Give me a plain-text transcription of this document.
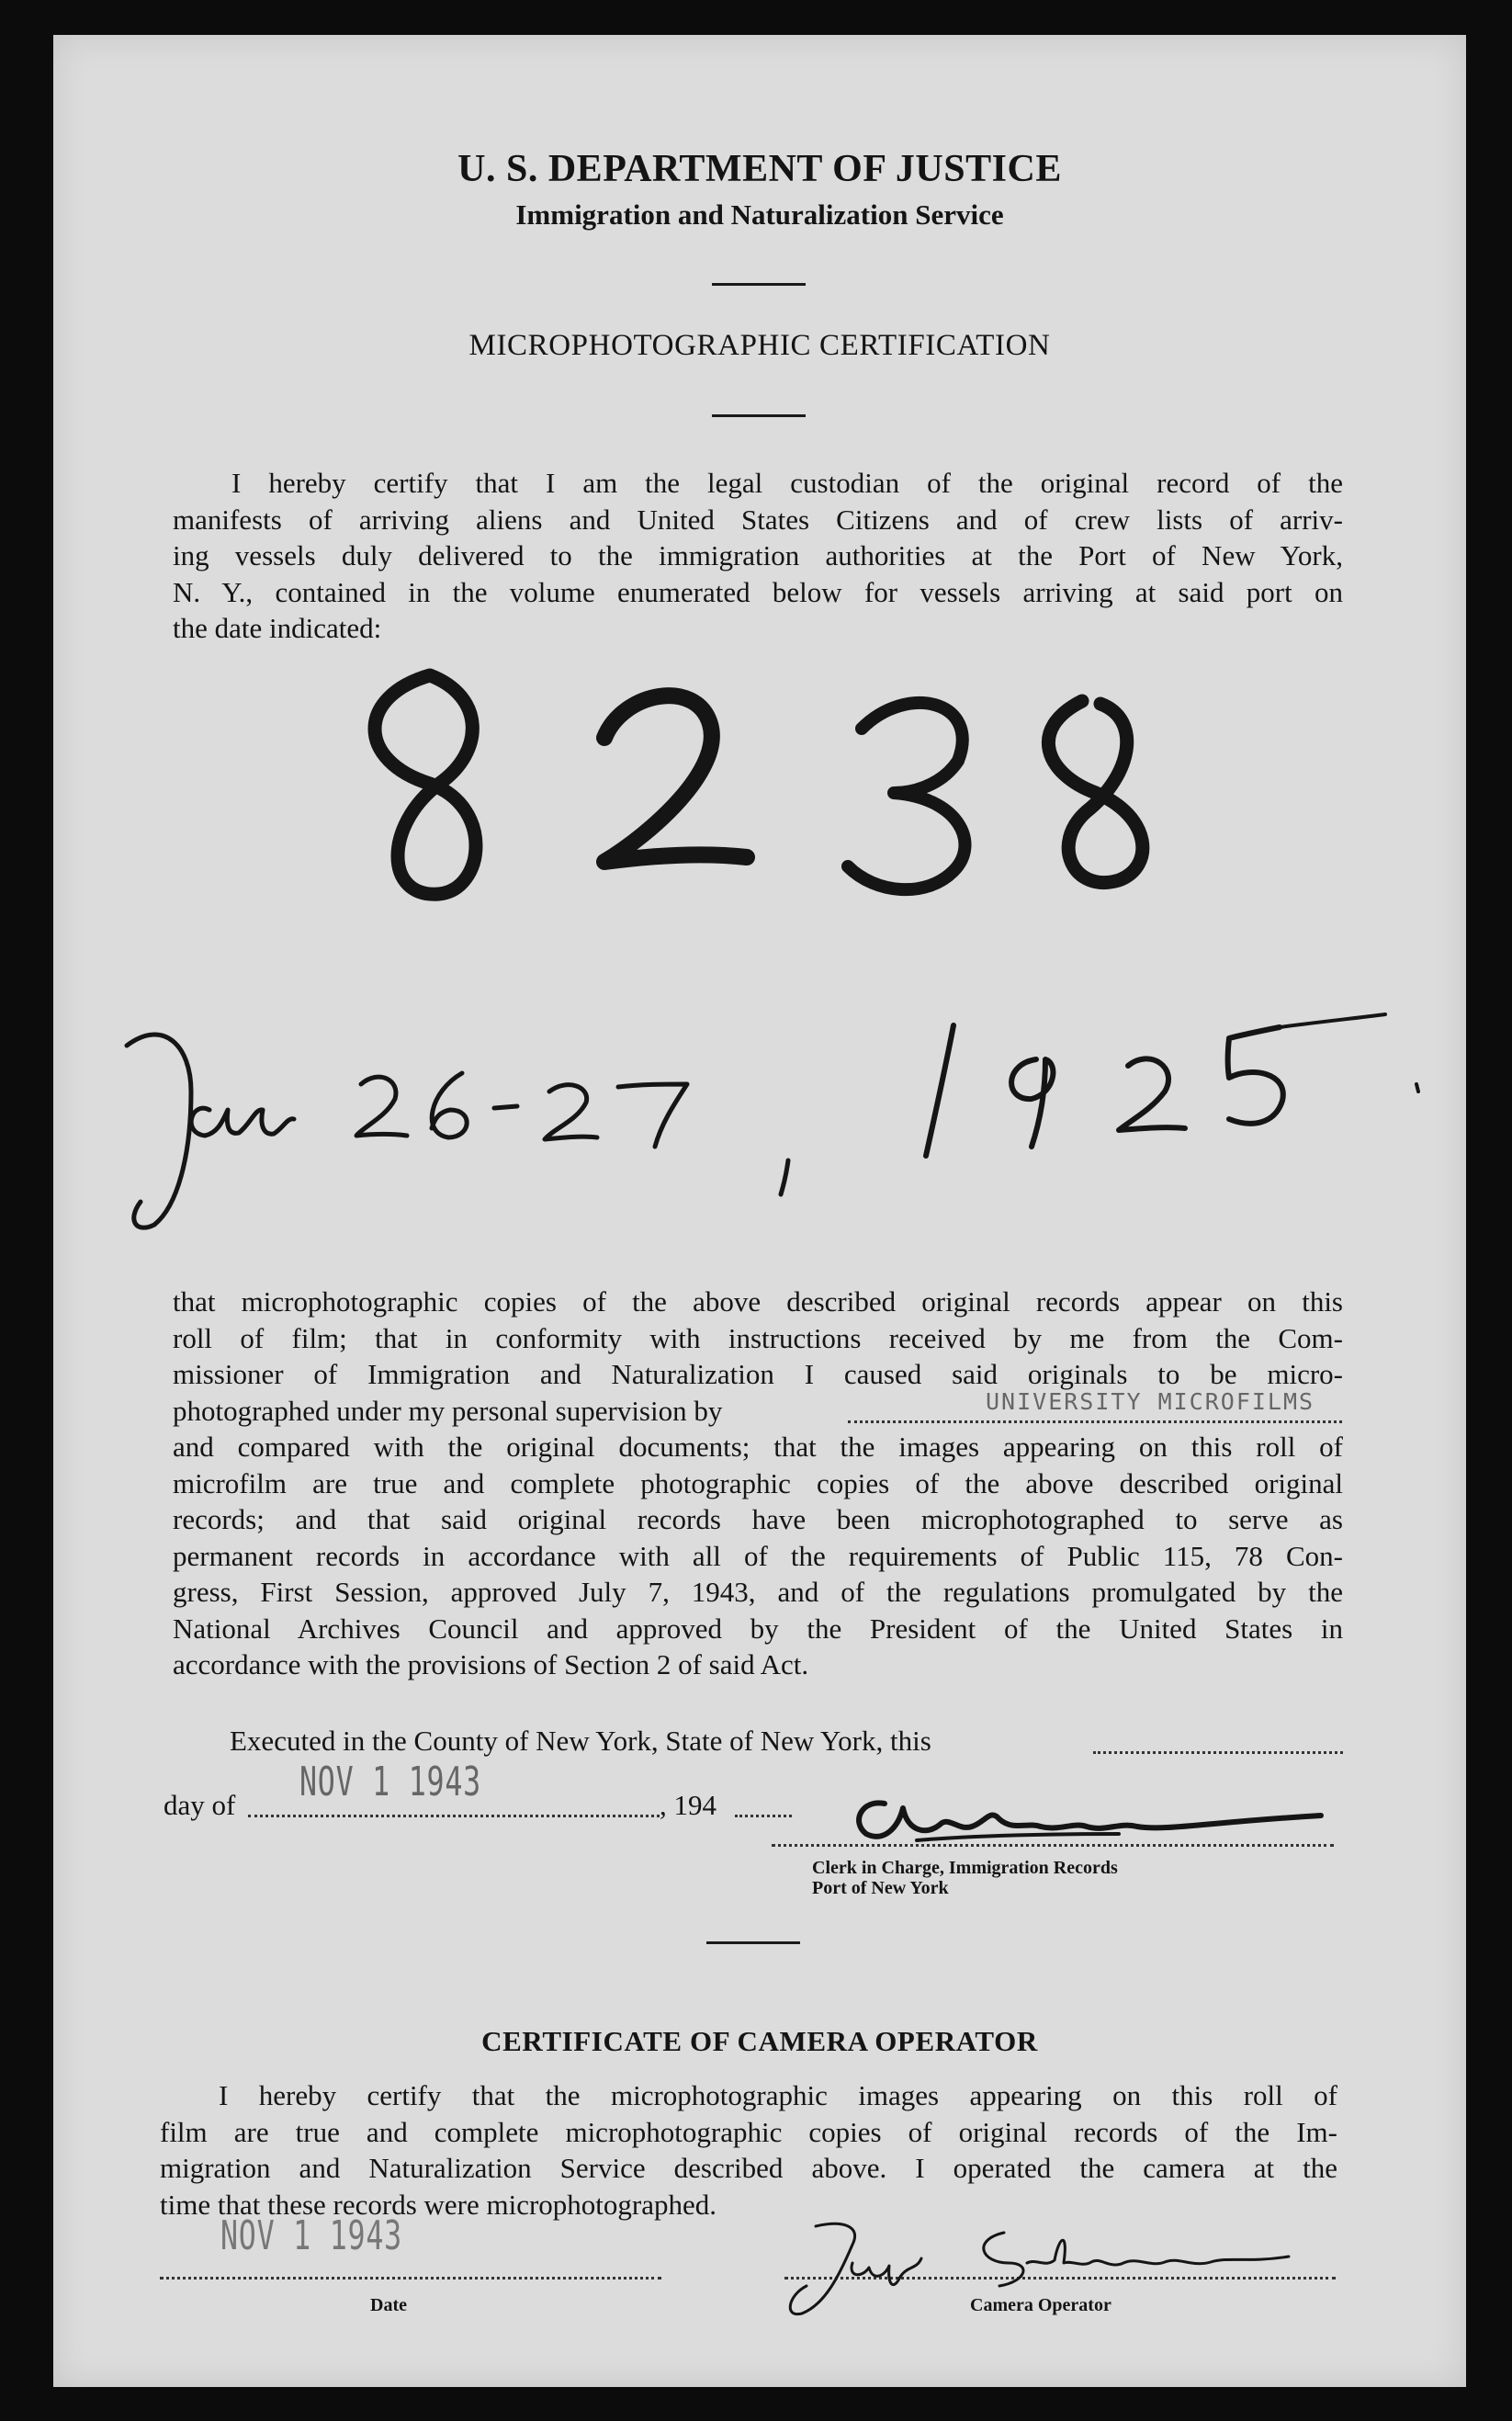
U. S. DEPARTMENT OF JUSTICE
Immigration and Naturalization Service
MICROPHOTOGRAPHIC CERTIFICATION
I hereby certify that I am the legal custodian of the original record of the
manifests of arriving aliens and United States Citizens and of crew lists of arriv-
ing vessels duly delivered to the immigration authorities at the Port of New York,
N. Y., contained in the volume enumerated below for vessels arriving at said port on
the date indicated:
that microphotographic copies of the above described original records appear on this
roll of film; that in conformity with instructions received by me from the Com-
missioner of Immigration and Naturalization I caused said originals to be micro-
photographed under my personal supervision by	UNIVERSITY MICROFILMS
and compared with the original documents; that the images appearing on this roll of
microfilm are true and complete photographic copies of the above described original
records; and that said original records have been microphotographed to serve as
permanent records in accordance with all of the requirements of Public 115, 78 Con-
gress, First Session, approved July 7, 1943, and of the regulations promulgated by the
National Archives Council and approved by the President of the United States in
accordance with the provisions of Section 2 of said Act.
Executed in the County of New York, State of New York, this
day of NOV 1 1943	, 194
Clerk in Charge, Immigration Records
Port of New York
CERTIFICATE OF CAMERA OPERATOR
I hereby certify that the microphotographic images appearing on this roll of
film are true and complete microphotographic copies of original records of the Im-
migration and Naturalization Service described above. I operated the camera at the
time that these records were microphotographed.
NOV 1 1943
Date	Camera Operator
